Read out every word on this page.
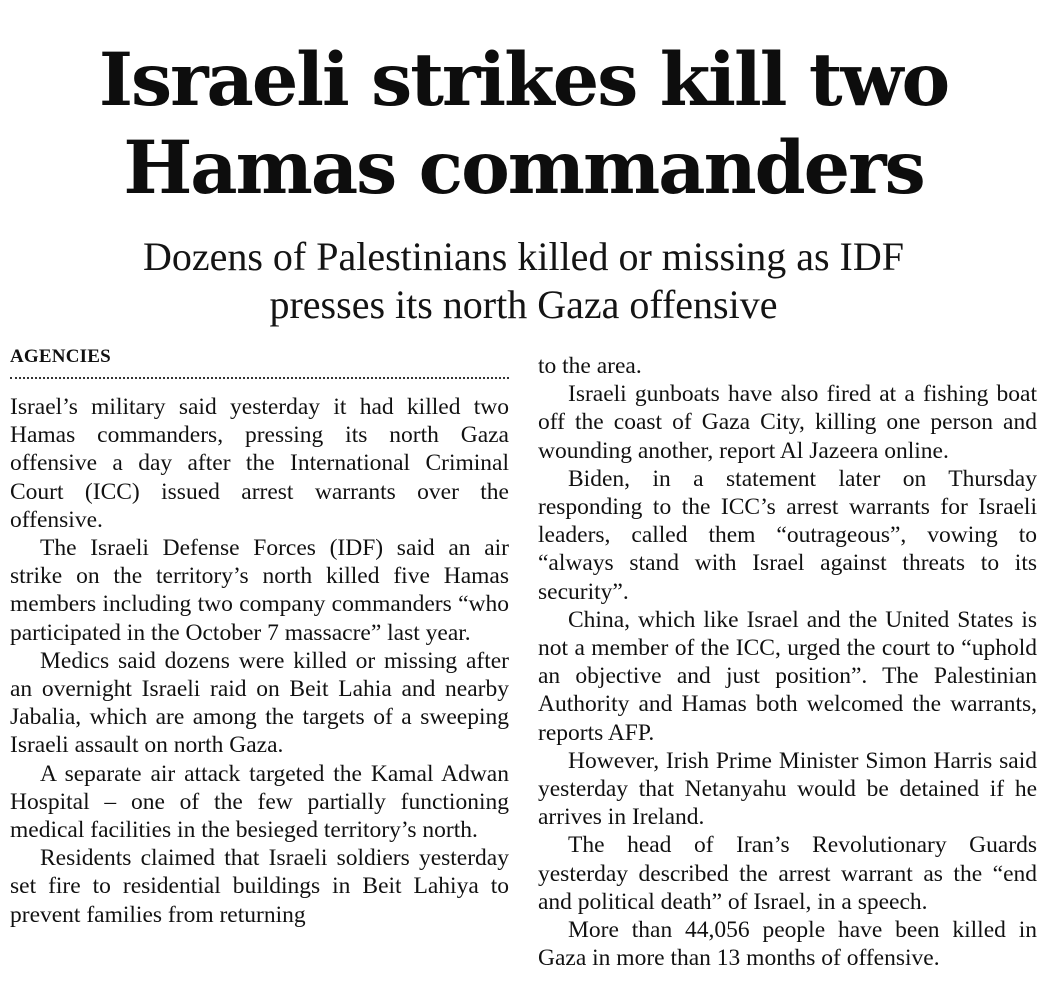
Israeli strikes kill two
Hamas commanders
Dozens of Palestinians killed or missing as IDF
presses its north Gaza offensive
AGENCIES

Israel’s military said yesterday it had killed two Hamas commanders, pressing its north Gaza offensive a day after the International Criminal Court (ICC) issued arrest warrants over the offensive.

The Israeli Defense Forces (IDF) said an air strike on the territory’s north killed five Hamas members including two company commanders “who participated in the October 7 massacre” last year.

Medics said dozens were killed or missing after an overnight Israeli raid on Beit Lahia and nearby Jabalia, which are among the targets of a sweeping Israeli assault on north Gaza.

A separate air attack targeted the Kamal Adwan Hospital – one of the few partially functioning medical facilities in the besieged territory’s north.

Residents claimed that Israeli soldiers yesterday set fire to residential buildings in Beit Lahiya to prevent families from returning

to the area.

Israeli gunboats have also fired at a fishing boat off the coast of Gaza City, killing one person and wounding another, report Al Jazeera online.

Biden, in a statement later on Thursday responding to the ICC’s arrest warrants for Israeli leaders, called them “outrageous”, vowing to “always stand with Israel against threats to its security”.

China, which like Israel and the United States is not a member of the ICC, urged the court to “uphold an objective and just position”. The Palestinian Authority and Hamas both welcomed the warrants, reports AFP.

However, Irish Prime Minister Simon Harris said yesterday that Netanyahu would be detained if he arrives in Ireland.

The head of Iran’s Revolutionary Guards yesterday described the arrest warrant as the “end and political death” of Israel, in a speech.

More than 44,056 people have been killed in Gaza in more than 13 months of offensive.
